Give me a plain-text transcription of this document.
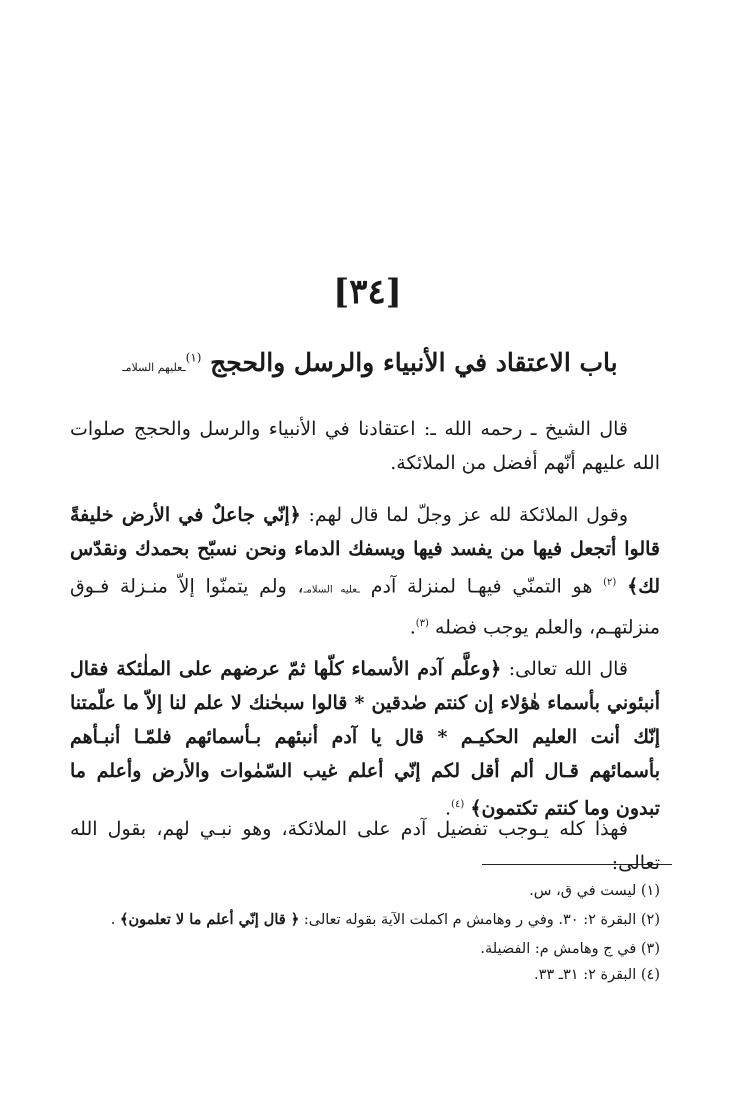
[٣٤]
باب الاعتقاد في الأنبياء والرسل والحجج $^{(١)}$ـعليهم السلامـ
قال الشيخ ـ رحمه الله ـ: اعتقادنا في الأنبياء والرسل والحجج صلوات الله عليهم أنّهم أفضل من الملائكة.
وقول الملائكة لله عز وجلّ لما قال لهم: ﴿إنّي جاعلٌ في الأرض خليفةً قالوا أتجعل فيها من يفسد فيها ويسفك الدماء ونحن نسبّح بحمدك ونقدّس لك﴾ $^{(٢)}$ هو التمنّي فيهـا لمنزلة آدم ـعليه السلامـ، ولم يتمنّوا إلاّ منـزلة فـوق منزلتهـم، والعلم يوجب فضله $^{(٣)}$.
قال الله تعالى: ﴿وعلَّم آدم الأسماء كلّها ثمّ عرضهم على الملٰئكة فقال أنبئوني بأسماء هٰؤلاء إن كنتم صٰدقين * قالوا سبحٰنك لا علم لنا إلاّ ما علّمتنا إنّك أنت العليم الحكيـم * قال يا آدم أنبئهم بـأسمائهم فلمّـا أنبـأهم بأسمائهم قـال ألم أقل لكم إنّي أعلم غيب السّمٰوات والأرض وأعلم ما تبدون وما كنتم تكتمون﴾ $^{(٤)}$.
فهذا كله يـوجب تفضيل آدم على الملائكة، وهو نبـي لهم، بقول الله تعالى:
(١) ليست في ق، س.
(٢) البقرة ٢: ٣٠. وفي ر وهامش م اكملت الآية بقوله تعالى: ﴿ قال إنّي أعلم ما لا تعلمون﴾ .
(٣) في ج وهامش م: الفضيلة.
(٤) البقرة ٢: ٣١ـ ٣٣.
